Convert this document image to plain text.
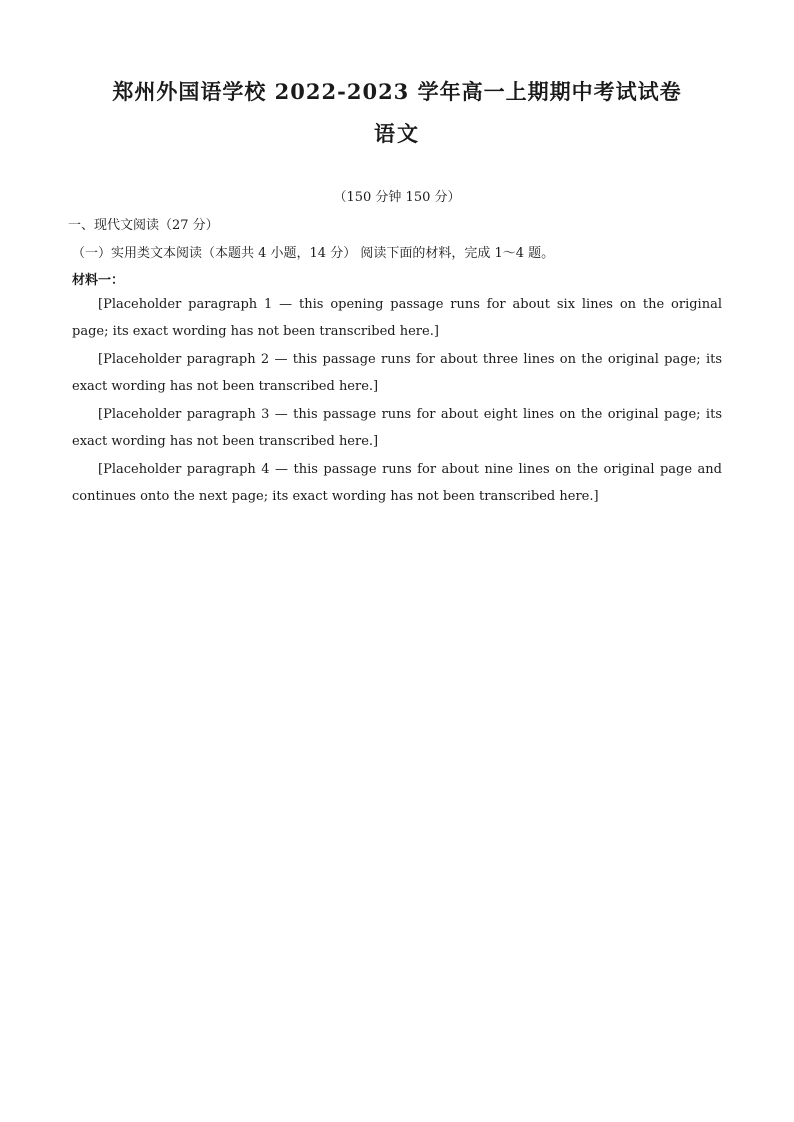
郑州外国语学校 2022-2023 学年高一上期期中考试试卷
语文
（150 分钟 150 分）
一、现代文阅读（27 分）
（一）实用类文本阅读（本题共 4 小题，14 分） 阅读下面的材料，完成 1～4 题。
材料一：

[Placeholder paragraph 1 — this opening passage runs for about six lines on the original page; its exact wording has not been transcribed here.]

[Placeholder paragraph 2 — this passage runs for about three lines on the original page; its exact wording has not been transcribed here.]

[Placeholder paragraph 3 — this passage runs for about eight lines on the original page; its exact wording has not been transcribed here.]

[Placeholder paragraph 4 — this passage runs for about nine lines on the original page and continues onto the next page; its exact wording has not been transcribed here.]
